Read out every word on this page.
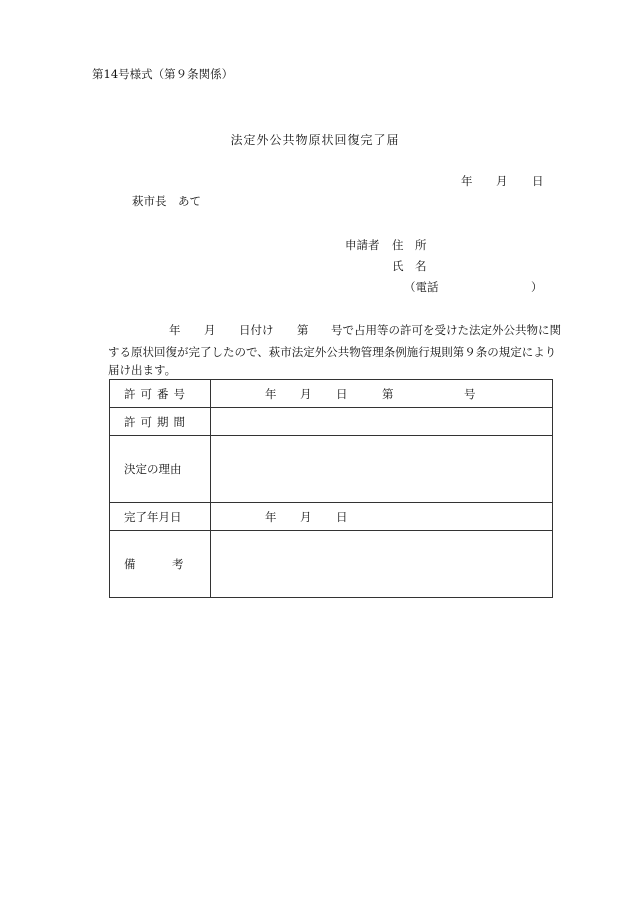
第14号様式（第９条関係）
法定外公共物原状回復完了届
年 月 日
萩市長　あて
申請者 住　所
氏　名
（電話	）
年 月 日付け 第 号で占用等の許可を受けた法定外公共物に関
する原状回復が完了したので、萩市法定外公共物管理条例施行規則第９条の規定により
届け出ます。
許可番号	年 月 日 第 号

許可期間	
決定の理由	
完了年月日	年 月 日

備 考	
